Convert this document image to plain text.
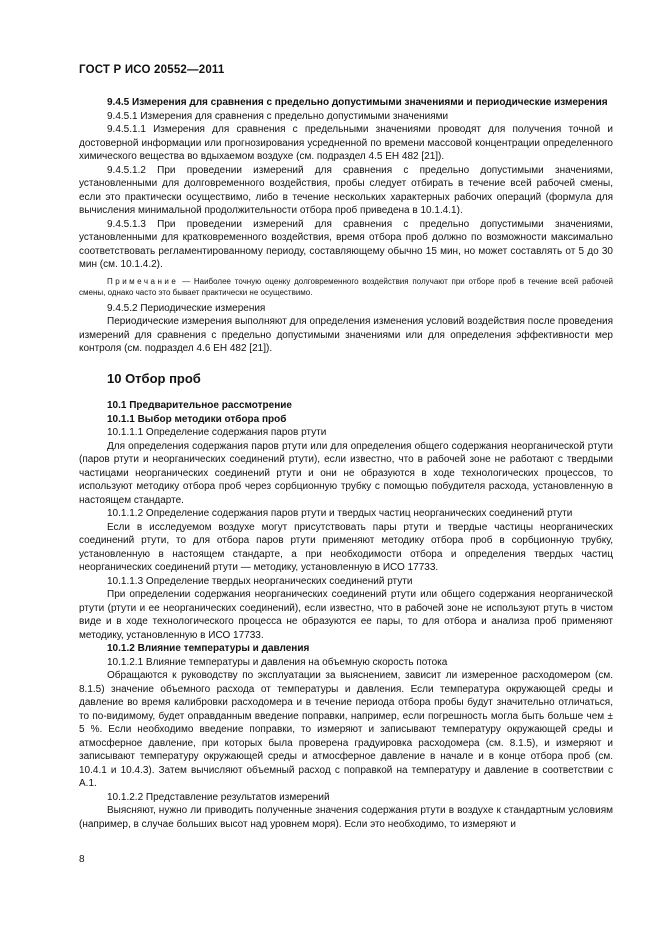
ГОСТ Р ИСО 20552—2011

9.4.5 Измерения для сравнения с предельно допустимыми значениями и периодические измерения

9.4.5.1 Измерения для сравнения с предельно допустимыми значениями

9.4.5.1.1 Измерения для сравнения с предельными значениями проводят для получения точной и достоверной информации или прогнозирования усредненной по времени массовой концентрации определенного химического вещества во вдыхаемом воздухе (см. подраздел 4.5 ЕН 482 [21]).

9.4.5.1.2 При проведении измерений для сравнения с предельно допустимыми значениями, установленными для долговременного воздействия, пробы следует отбирать в течение всей рабочей смены, если это практически осуществимо, либо в течение нескольких характерных рабочих операций (формула для вычисления минимальной продолжительности отбора проб приведена в 10.1.4.1).

9.4.5.1.3 При проведении измерений для сравнения с предельно допустимыми значениями, установленными для кратковременного воздействия, время отбора проб должно по возможности максимально соответствовать регламентированному периоду, составляющему обычно 15 мин, но может составлять от 5 до 30 мин (см. 10.1.4.2).

Примечание — Наиболее точную оценку долговременного воздействия получают при отборе проб в течение всей рабочей смены, однако часто это бывает практически не осуществимо.

9.4.5.2 Периодические измерения

Периодические измерения выполняют для определения изменения условий воздействия после проведения измерений для сравнения с предельно допустимыми значениями или для определения эффективности мер контроля (см. подраздел 4.6 ЕН 482 [21]).

10 Отбор проб

10.1 Предварительное рассмотрение

10.1.1 Выбор методики отбора проб

10.1.1.1 Определение содержания паров ртути

Для определения содержания паров ртути или для определения общего содержания неорганической ртути (паров ртути и неорганических соединений ртути), если известно, что в рабочей зоне не работают с твердыми частицами неорганических соединений ртути и они не образуются в ходе технологических процессов, то используют методику отбора проб через сорбционную трубку с помощью побудителя расхода, установленную в настоящем стандарте.

10.1.1.2 Определение содержания паров ртути и твердых частиц неорганических соединений ртути

Если в исследуемом воздухе могут присутствовать пары ртути и твердые частицы неорганических соединений ртути, то для отбора паров ртути применяют методику отбора проб в сорбционную трубку, установленную в настоящем стандарте, а при необходимости отбора и определения твердых частиц неорганических соединений ртути — методику, установленную в ИСО 17733.

10.1.1.3 Определение твердых неорганических соединений ртути

При определении содержания неорганических соединений ртути или общего содержания неорганической ртути (ртути и ее неорганических соединений), если известно, что в рабочей зоне не используют ртуть в чистом виде и в ходе технологического процесса не образуются ее пары, то для отбора и анализа проб применяют методику, установленную в ИСО 17733.

10.1.2 Влияние температуры и давления

10.1.2.1 Влияние температуры и давления на объемную скорость потока

Обращаются к руководству по эксплуатации за выяснением, зависит ли измеренное расходомером (см. 8.1.5) значение объемного расхода от температуры и давления. Если температура окружающей среды и давление во время калибровки расходомера и в течение периода отбора пробы будут значительно отличаться, то по-видимому, будет оправданным введение поправки, например, если погрешность могла быть больше чем ± 5 %. Если необходимо введение поправки, то измеряют и записывают температуру окружающей среды и атмосферное давление, при которых была проверена градуировка расходомера (см. 8.1.5), и измеряют и записывают температуру окружающей среды и атмосферное давление в начале и в конце отбора проб (см. 10.4.1 и 10.4.3). Затем вычисляют объемный расход с поправкой на температуру и давление в соответствии с А.1.

10.1.2.2 Представление результатов измерений

Выясняют, нужно ли приводить полученные значения содержания ртути в воздухе к стандартным условиям (например, в случае больших высот над уровнем моря). Если это необходимо, то измеряют и

8
